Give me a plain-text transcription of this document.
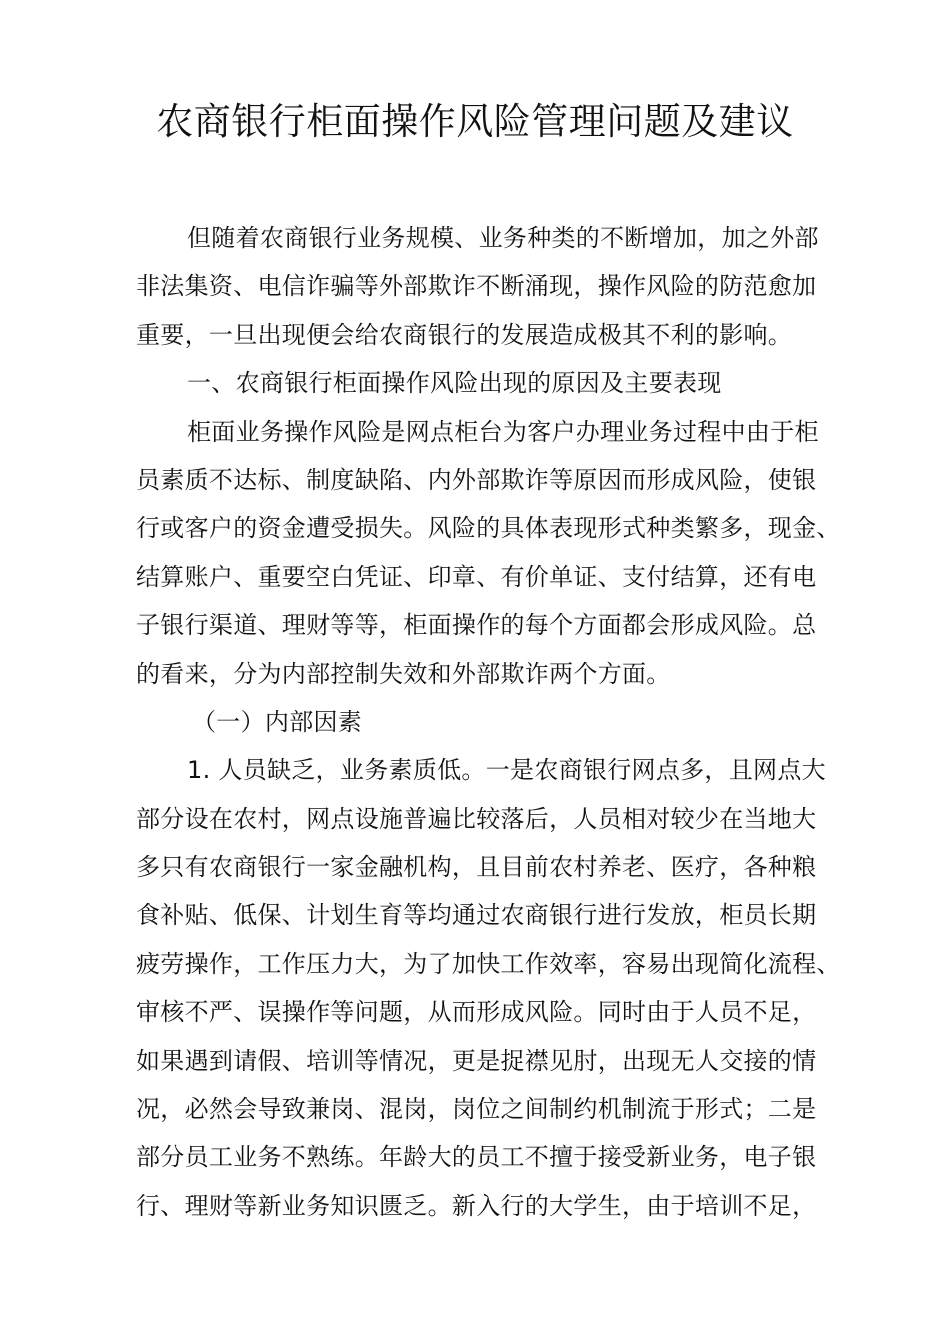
农商银行柜面操作风险管理问题及建议
但随着农商银行业务规模、业务种类的不断增加，加之外部
非法集资、电信诈骗等外部欺诈不断涌现，操作风险的防范愈加
重要，一旦出现便会给农商银行的发展造成极其不利的影响。
一、农商银行柜面操作风险出现的原因及主要表现
柜面业务操作风险是网点柜台为客户办理业务过程中由于柜
员素质不达标、制度缺陷、内外部欺诈等原因而形成风险，使银
行或客户的资金遭受损失。风险的具体表现形式种类繁多，现金、
结算账户、重要空白凭证、印章、有价单证、支付结算，还有电
子银行渠道、理财等等，柜面操作的每个方面都会形成风险。总
的看来，分为内部控制失效和外部欺诈两个方面。
（一）内部因素
1. 人员缺乏，业务素质低。一是农商银行网点多，且网点大
部分设在农村，网点设施普遍比较落后，人员相对较少在当地大
多只有农商银行一家金融机构，且目前农村养老、医疗，各种粮
食补贴、低保、计划生育等均通过农商银行进行发放，柜员长期
疲劳操作，工作压力大，为了加快工作效率，容易出现简化流程、
审核不严、误操作等问题，从而形成风险。同时由于人员不足，
如果遇到请假、培训等情况，更是捉襟见肘，出现无人交接的情
况，必然会导致兼岗、混岗，岗位之间制约机制流于形式；二是
部分员工业务不熟练。年龄大的员工不擅于接受新业务，电子银
行、理财等新业务知识匮乏。新入行的大学生，由于培训不足，
